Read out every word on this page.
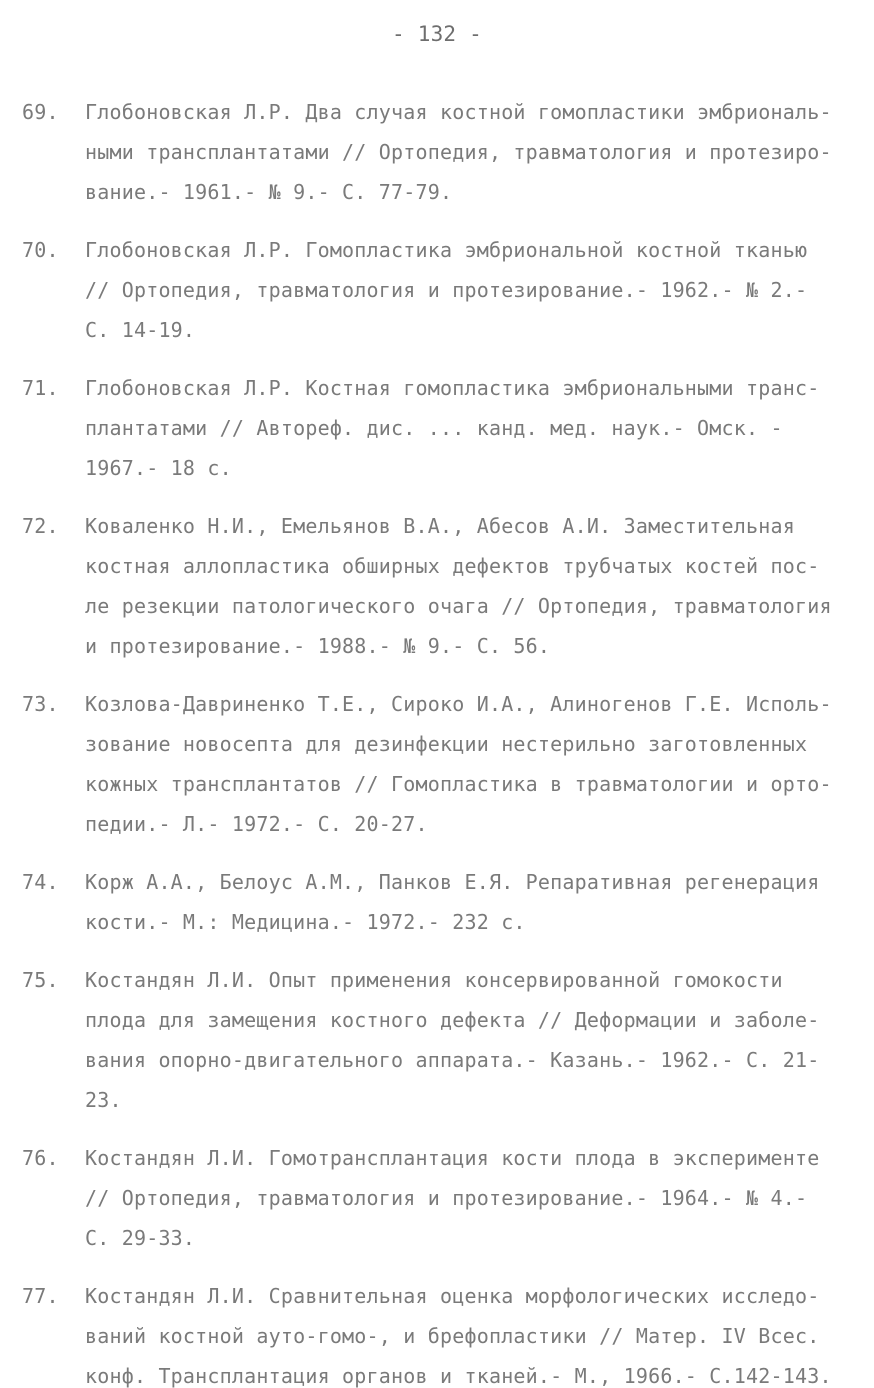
- 132 -
69.	Глобоновская Л.Р. Два случая костной гомопластики эмбриональ-
ными трансплантатами // Ортопедия, травматология и протезиро-
вание.- 1961.- № 9.- С. 77-79.
70.	Глобоновская Л.Р. Гомопластика эмбриональной костной тканью
// Ортопедия, травматология и протезирование.- 1962.- № 2.-
С. 14-19.
71.	Глобоновская Л.Р. Костная гомопластика эмбриональными транс-
плантатами // Автореф. дис. ... канд. мед. наук.- Омск. -
1967.- 18 с.
72.	Коваленко Н.И., Емельянов В.А., Абесов А.И. Заместительная
костная аллопластика обширных дефектов трубчатых костей пос-
ле резекции патологического очага // Ортопедия, травматология
и протезирование.- 1988.- № 9.- С. 56.
73.	Козлова-Давриненко Т.Е., Сироко И.А., Алиногенов Г.Е. Исполь-
зование новосепта для дезинфекции нестерильно заготовленных
кожных трансплантатов // Гомопластика в травматологии и орто-
педии.- Л.- 1972.- С. 20-27.
74.	Корж А.А., Белоус А.М., Панков Е.Я. Репаративная регенерация
кости.- М.: Медицина.- 1972.- 232 с.
75.	Костандян Л.И. Опыт применения консервированной гомокости
плода для замещения костного дефекта // Деформации и заболе-
вания опорно-двигательного аппарата.- Казань.- 1962.- С. 21-
23.
76.	Костандян Л.И. Гомотрансплантация кости плода в эксперименте
// Ортопедия, травматология и протезирование.- 1964.- № 4.-
С. 29-33.
77.	Костандян Л.И. Сравнительная оценка морфологических исследо-
ваний костной ауто-гомо-, и брефопластики // Матер. IV Всес.
конф. Трансплантация органов и тканей.- М., 1966.- С.142-143.
